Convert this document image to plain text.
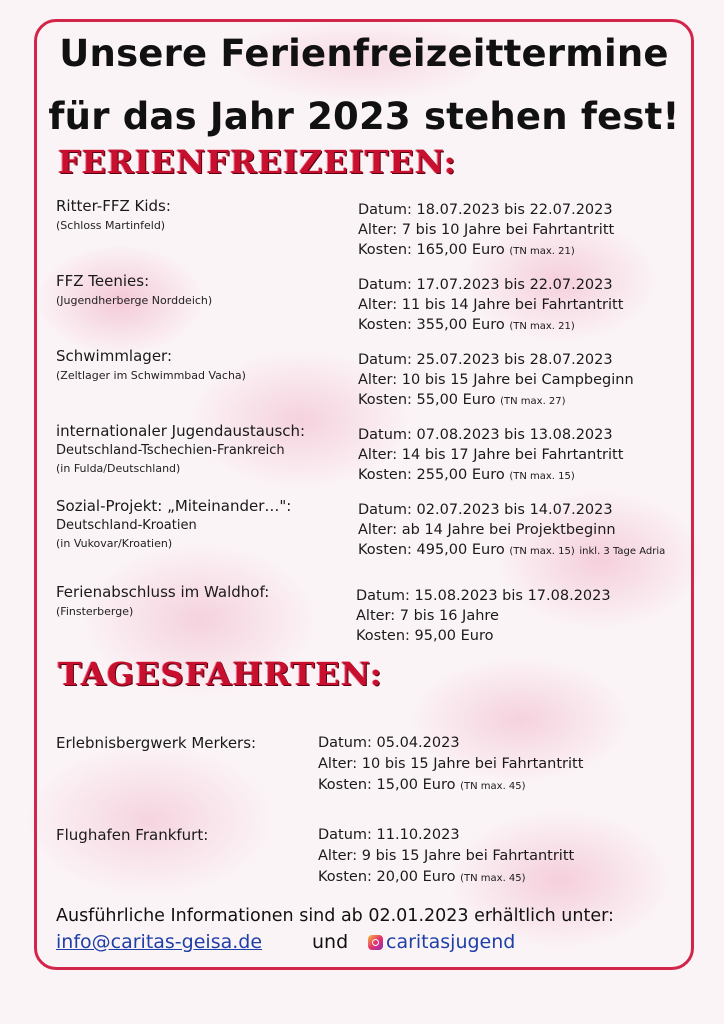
Unsere Ferienfreizeittermine
für das Jahr 2023 stehen fest!
FERIENFREIZEITEN:
Ritter-FFZ Kids:
(Schloss Martinfeld)
Datum: 18.07.2023 bis 22.07.2023
Alter: 7 bis 10 Jahre bei Fahrtantritt
Kosten: 165,00 Euro (TN max. 21)
FFZ Teenies:
(Jugendherberge Norddeich)
Datum: 17.07.2023 bis 22.07.2023
Alter: 11 bis 14 Jahre bei Fahrtantritt
Kosten: 355,00 Euro (TN max. 21)
Schwimmlager:
(Zeltlager im Schwimmbad Vacha)
Datum: 25.07.2023 bis 28.07.2023
Alter: 10 bis 15 Jahre bei Campbeginn
Kosten: 55,00 Euro (TN max. 27)
internationaler Jugendaustausch:
Deutschland-Tschechien-Frankreich
(in Fulda/Deutschland)
Datum: 07.08.2023 bis 13.08.2023
Alter: 14 bis 17 Jahre bei Fahrtantritt
Kosten: 255,00 Euro (TN max. 15)
Sozial-Projekt: „Miteinander…":
Deutschland-Kroatien
(in Vukovar/Kroatien)
Datum: 02.07.2023 bis 14.07.2023
Alter: ab 14 Jahre bei Projektbeginn
Kosten: 495,00 Euro (TN max. 15) inkl. 3 Tage Adria
Ferienabschluss im Waldhof:
(Finsterberge)
Datum: 15.08.2023 bis 17.08.2023
Alter: 7 bis 16 Jahre
Kosten: 95,00 Euro
TAGESFAHRTEN:
Erlebnisbergwerk Merkers:	Datum: 05.04.2023
Alter: 10 bis 15 Jahre bei Fahrtantritt
Kosten: 15,00 Euro (TN max. 45)
Flughafen Frankfurt:	Datum: 11.10.2023
Alter: 9 bis 15 Jahre bei Fahrtantritt
Kosten: 20,00 Euro (TN max. 45)
Ausführliche Informationen sind ab 02.01.2023 erhältlich unter:
info@caritas-geisa.de	und caritasjugend
